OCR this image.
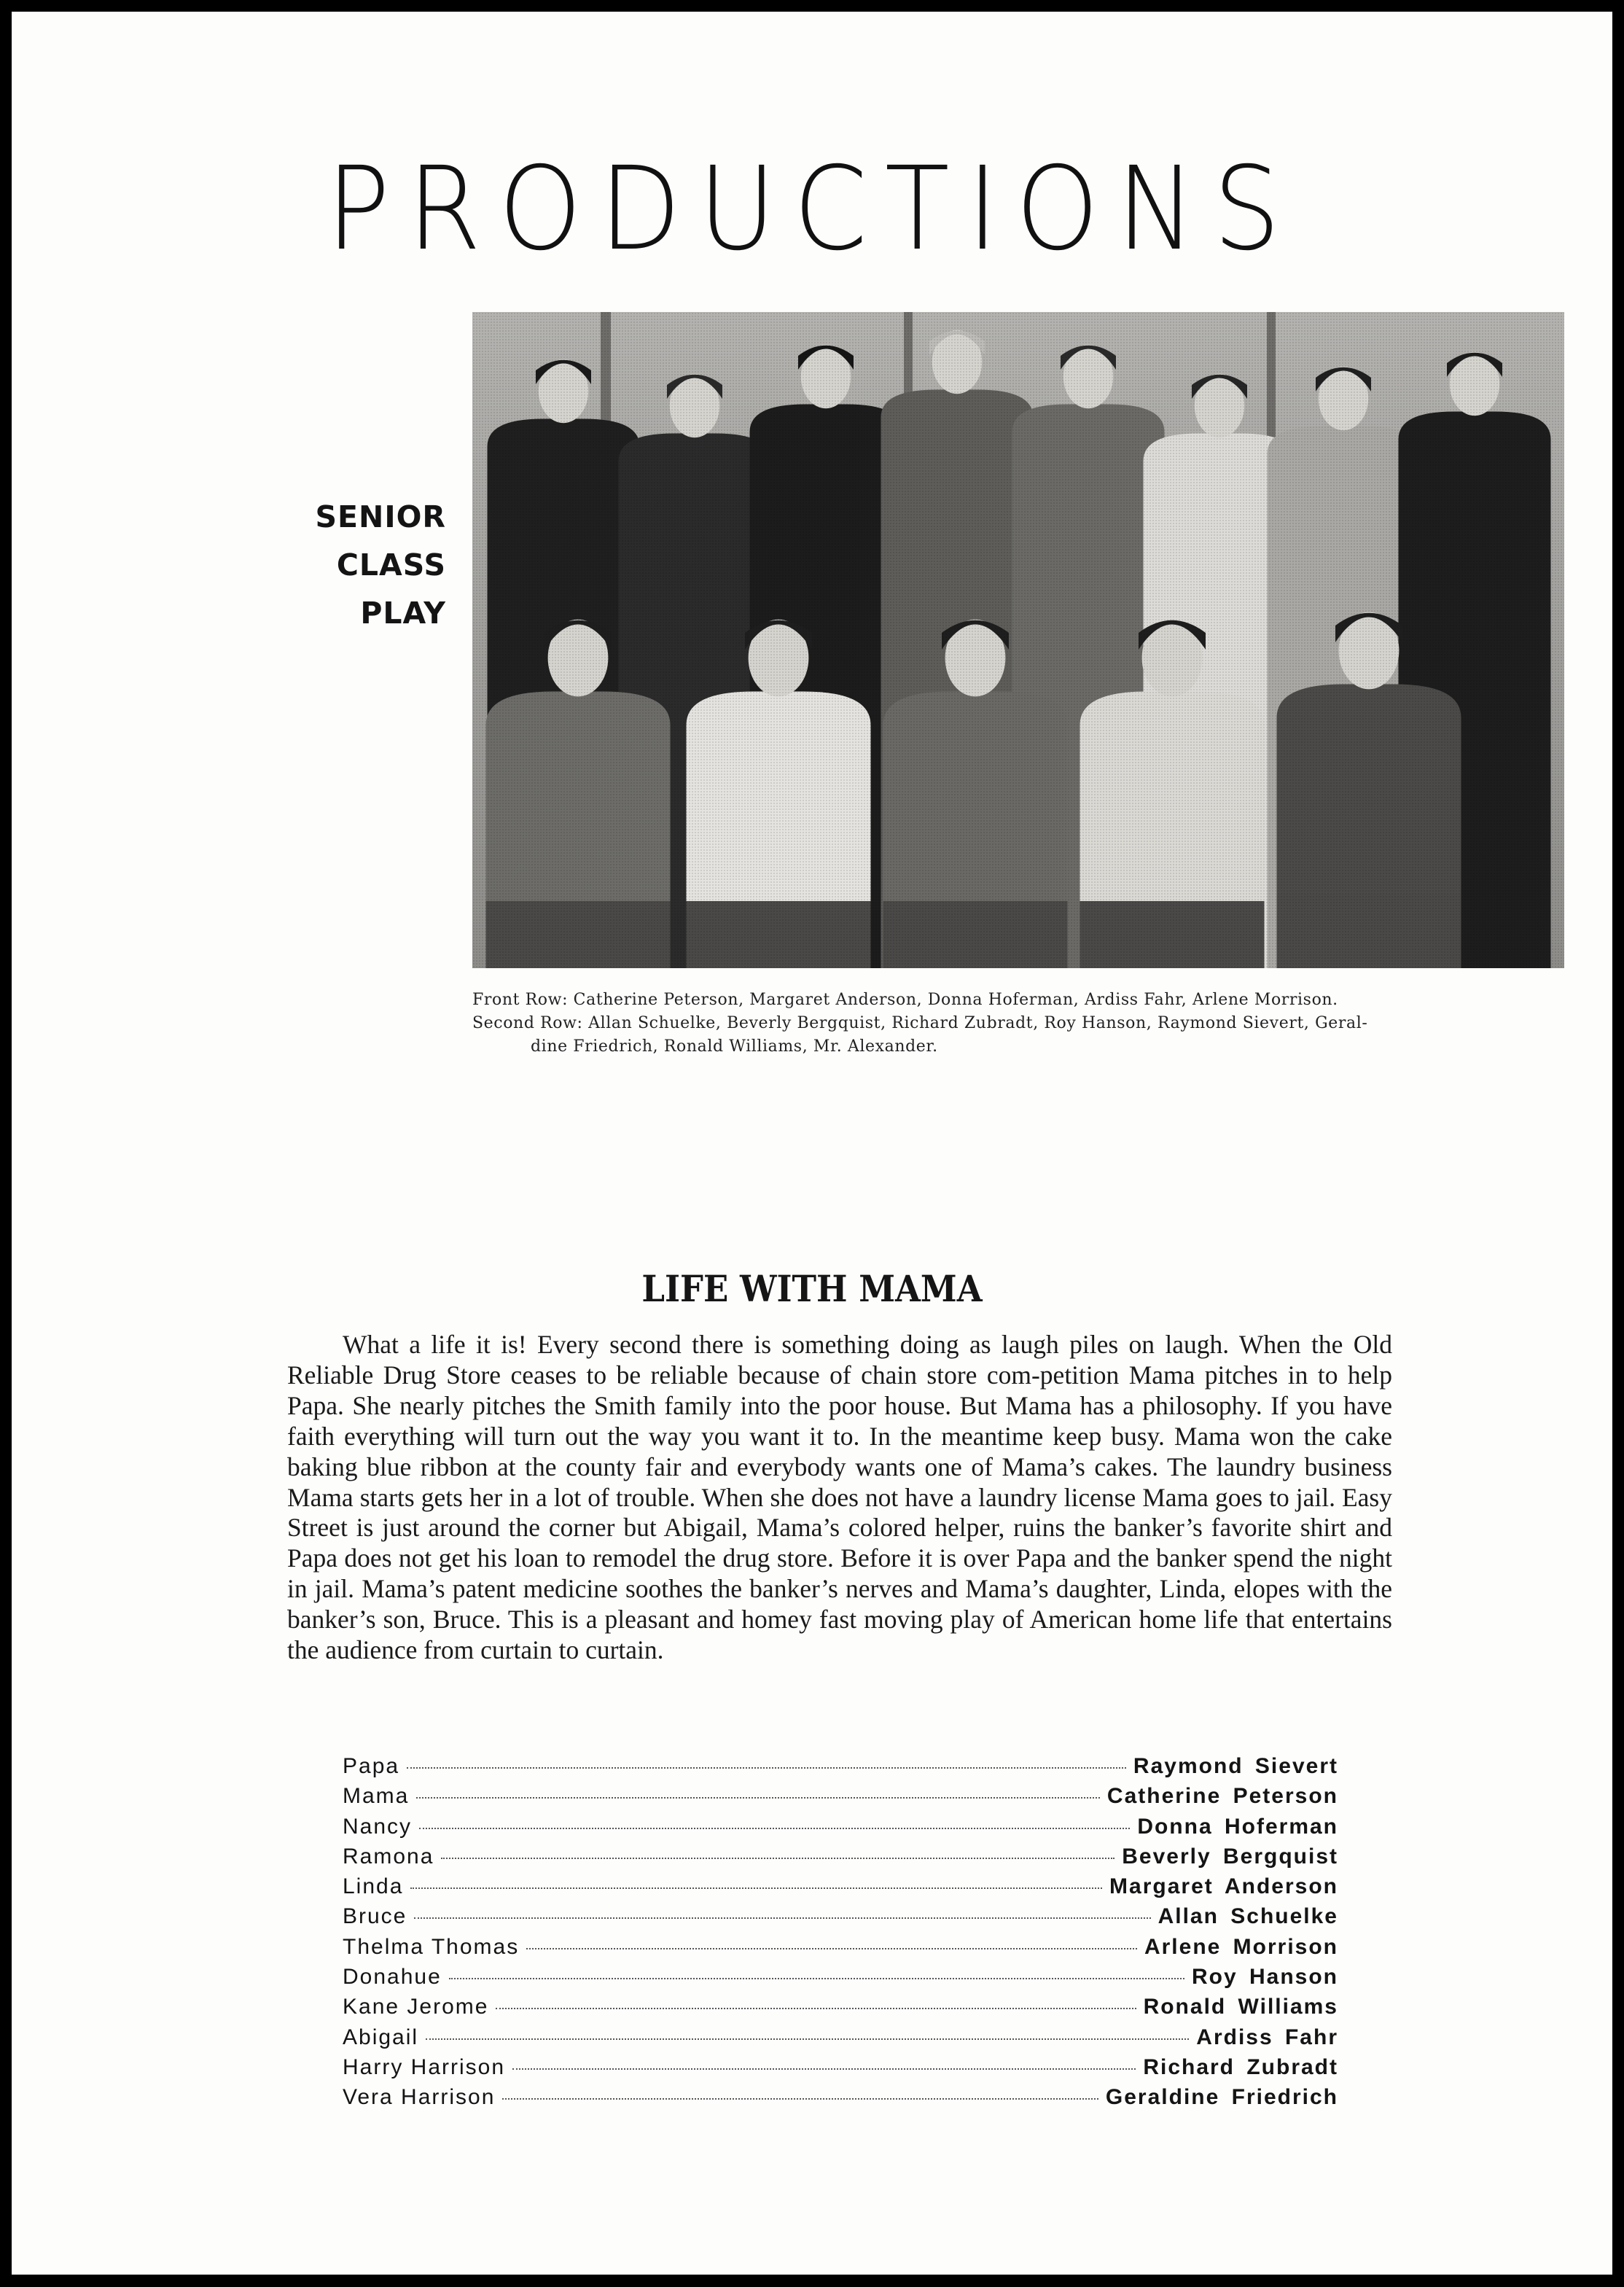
PRODUCTIONS
SENIOR
CLASS
PLAY
Front Row: Catherine Peterson, Margaret Anderson, Donna Hoferman, Ardiss Fahr, Arlene Morrison.
Second Row: Allan Schuelke, Beverly Bergquist, Richard Zubradt, Roy Hanson, Raymond Sievert, Geral-
dine Friedrich, Ronald Williams, Mr. Alexander.
LIFE WITH MAMA
What a life it is! Every second there is something doing as laugh piles on laugh. When the Old Reliable Drug Store ceases to be reliable because of chain store com-petition Mama pitches in to help Papa. She nearly pitches the Smith family into the poor house. But Mama has a philosophy. If you have faith everything will turn out the way you want it to. In the meantime keep busy. Mama won the cake baking blue ribbon at the county fair and everybody wants one of Mama’s cakes. The laundry business Mama starts gets her in a lot of trouble. When she does not have a laundry license Mama goes to jail. Easy Street is just around the corner but Abigail, Mama’s colored helper, ruins the banker’s favorite shirt and Papa does not get his loan to remodel the drug store. Before it is over Papa and the banker spend the night in jail. Mama’s patent medicine soothes the banker’s nerves and Mama’s daughter, Linda, elopes with the banker’s son, Bruce. This is a pleasant and homey fast moving play of American home life that entertains the audience from curtain to curtain.
Papa	Raymond Sievert
Mama	Catherine Peterson
Nancy	Donna Hoferman
Ramona	Beverly Bergquist
Linda	Margaret Anderson
Bruce	Allan Schuelke
Thelma Thomas	Arlene Morrison
Donahue	Roy Hanson
Kane Jerome	Ronald Williams
Abigail	Ardiss Fahr
Harry Harrison	Richard Zubradt
Vera Harrison	Geraldine Friedrich
